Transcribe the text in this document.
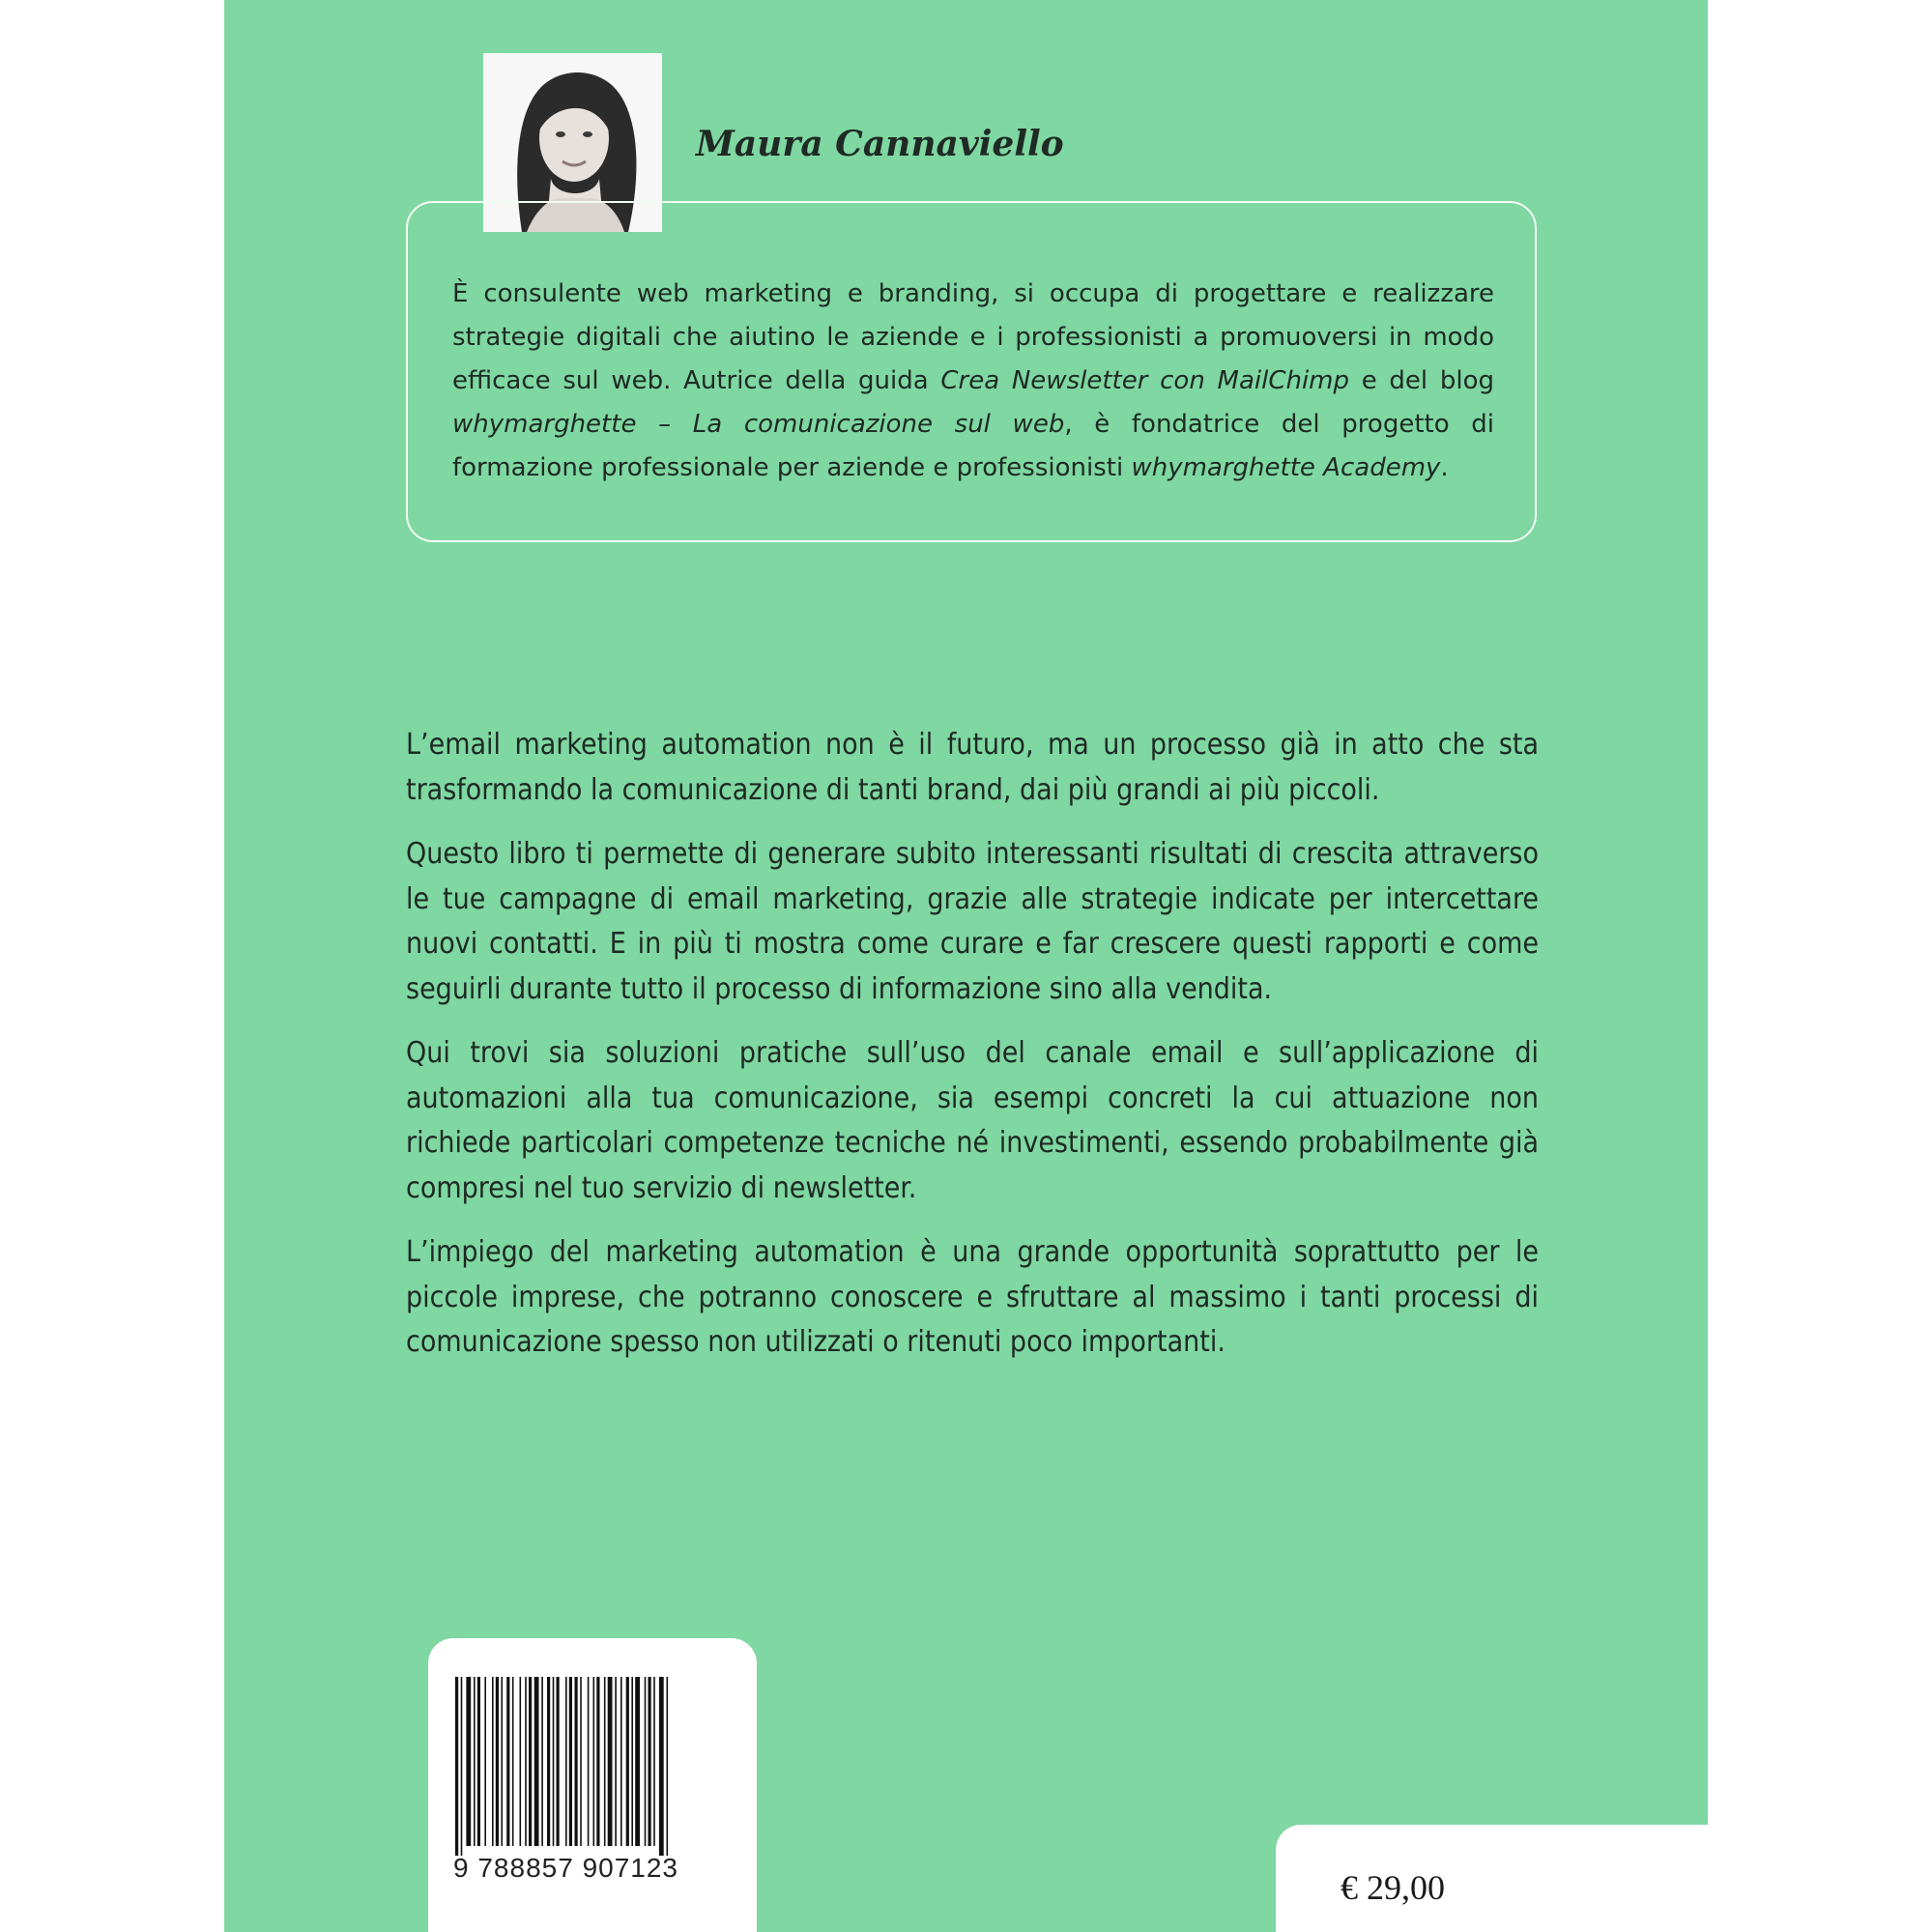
Maura Cannaviello

È consulente web marketing e branding, si occupa di progettare e realizzare strategie digitali che aiutino le aziende e i professionisti a promuoversi in modo efficace sul web. Autrice della guida Crea Newsletter con MailChimp e del blog whymarghette – La comunicazione sul web, è fondatrice del progetto di formazione professionale per aziende e professionisti whymarghette Academy.

L’email marketing automation non è il futuro, ma un processo già in atto che sta trasformando la comunicazione di tanti brand, dai più grandi ai più piccoli.

Questo libro ti permette di generare subito interessanti risultati di crescita attraverso le tue campagne di email marketing, grazie alle strategie indicate per intercettare nuovi contatti. E in più ti mostra come curare e far crescere questi rapporti e come seguirli durante tutto il processo di informazione sino alla vendita.

Qui trovi sia soluzioni pratiche sull’uso del canale email e sull’applicazione di automazioni alla tua comunicazione, sia esempi concreti la cui attuazione non richiede particolari competenze tecniche né investimenti, essendo probabilmente già compresi nel tuo servizio di newsletter.

L’impiego del marketing automation è una grande opportunità soprattutto per le piccole imprese, che potranno conoscere e sfruttare al massimo i tanti processi di comunicazione spesso non utilizzati o ritenuti poco importanti.

9 788857 907123
€ 29,00
